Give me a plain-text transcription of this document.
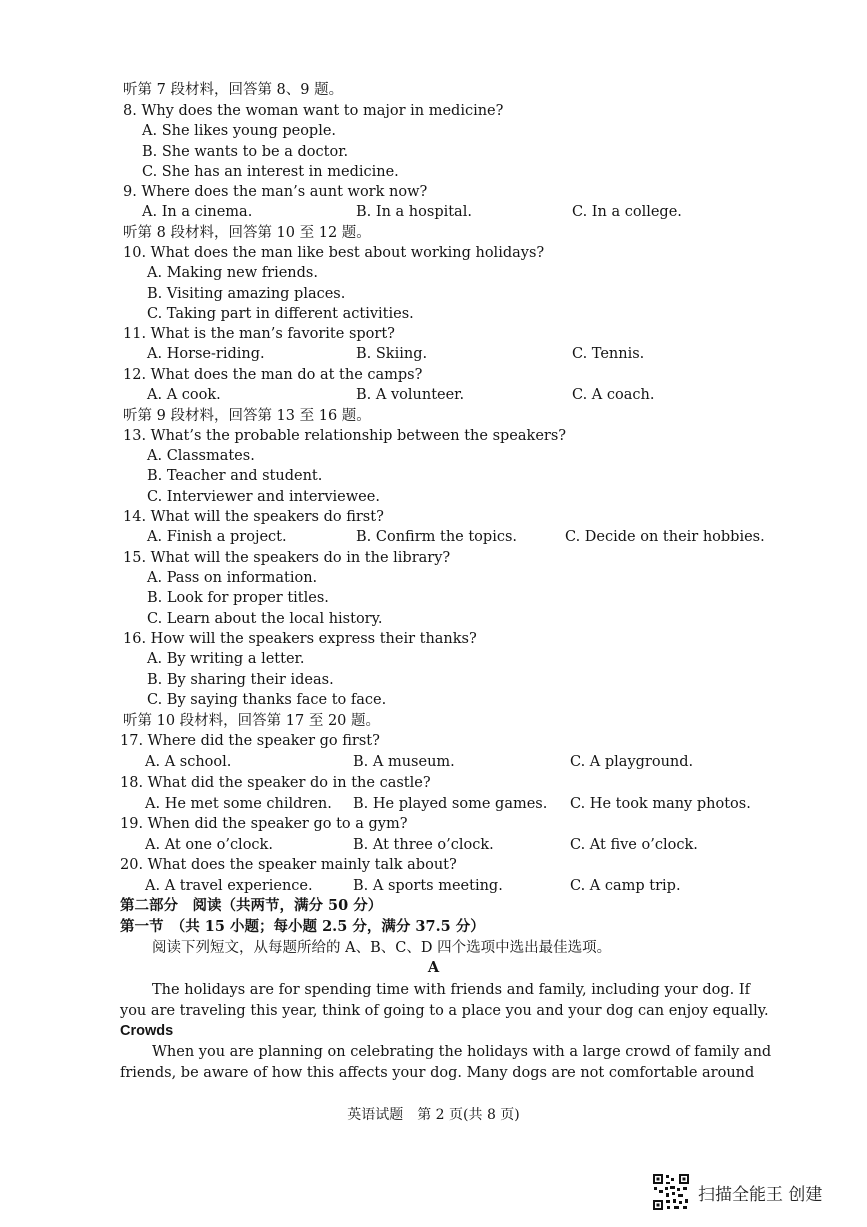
听第 7 段材料，回答第 8、9 题。
8. Why does the woman want to major in medicine?
A. She likes young people.
B. She wants to be a doctor.
C. She has an interest in medicine.
9. Where does the man’s aunt work now?
A. In a cinema.	B. In a hospital.	C. In a college.
听第 8 段材料，回答第 10 至 12 题。
10. What does the man like best about working holidays?
A. Making new friends.
B. Visiting amazing places.
C. Taking part in different activities.
11. What is the man’s favorite sport?
A. Horse-riding.	B. Skiing.	C. Tennis.
12. What does the man do at the camps?
A. A cook.	B. A volunteer.	C. A coach.
听第 9 段材料，回答第 13 至 16 题。
13. What’s the probable relationship between the speakers?
A. Classmates.
B. Teacher and student.
C. Interviewer and interviewee.
14. What will the speakers do first?
A. Finish a project.	B. Confirm the topics.	C. Decide on their hobbies.
15. What will the speakers do in the library?
A. Pass on information.
B. Look for proper titles.
C. Learn about the local history.
16. How will the speakers express their thanks?
A. By writing a letter.
B. By sharing their ideas.
C. By saying thanks face to face.
听第 10 段材料，回答第 17 至 20 题。
17. Where did the speaker go first?
A. A school.	B. A museum.	C. A playground.
18. What did the speaker do in the castle?
A. He met some children. B. He played some games. C. He took many photos.
19. When did the speaker go to a gym?
A. At one o’clock.	B. At three o’clock.	C. At five o’clock.
20. What does the speaker mainly talk about?
A. A travel experience.	B. A sports meeting.	C. A camp trip.
第二部分　阅读（共两节，满分 50 分）
第一节　（共 15 小题；每小题 2.5 分，满分 37.5 分）
阅读下列短文，从每题所给的 A、B、C、D 四个选项中选出最佳选项。
A
The holidays are for spending time with friends and family, including your dog. If
you are traveling this year, think of going to a place you and your dog can enjoy equally.
Crowds
When you are planning on celebrating the holidays with a large crowd of family and
friends, be aware of how this affects your dog. Many dogs are not comfortable around
英语试题　第 2 页(共 8 页)
扫描全能王 创建
